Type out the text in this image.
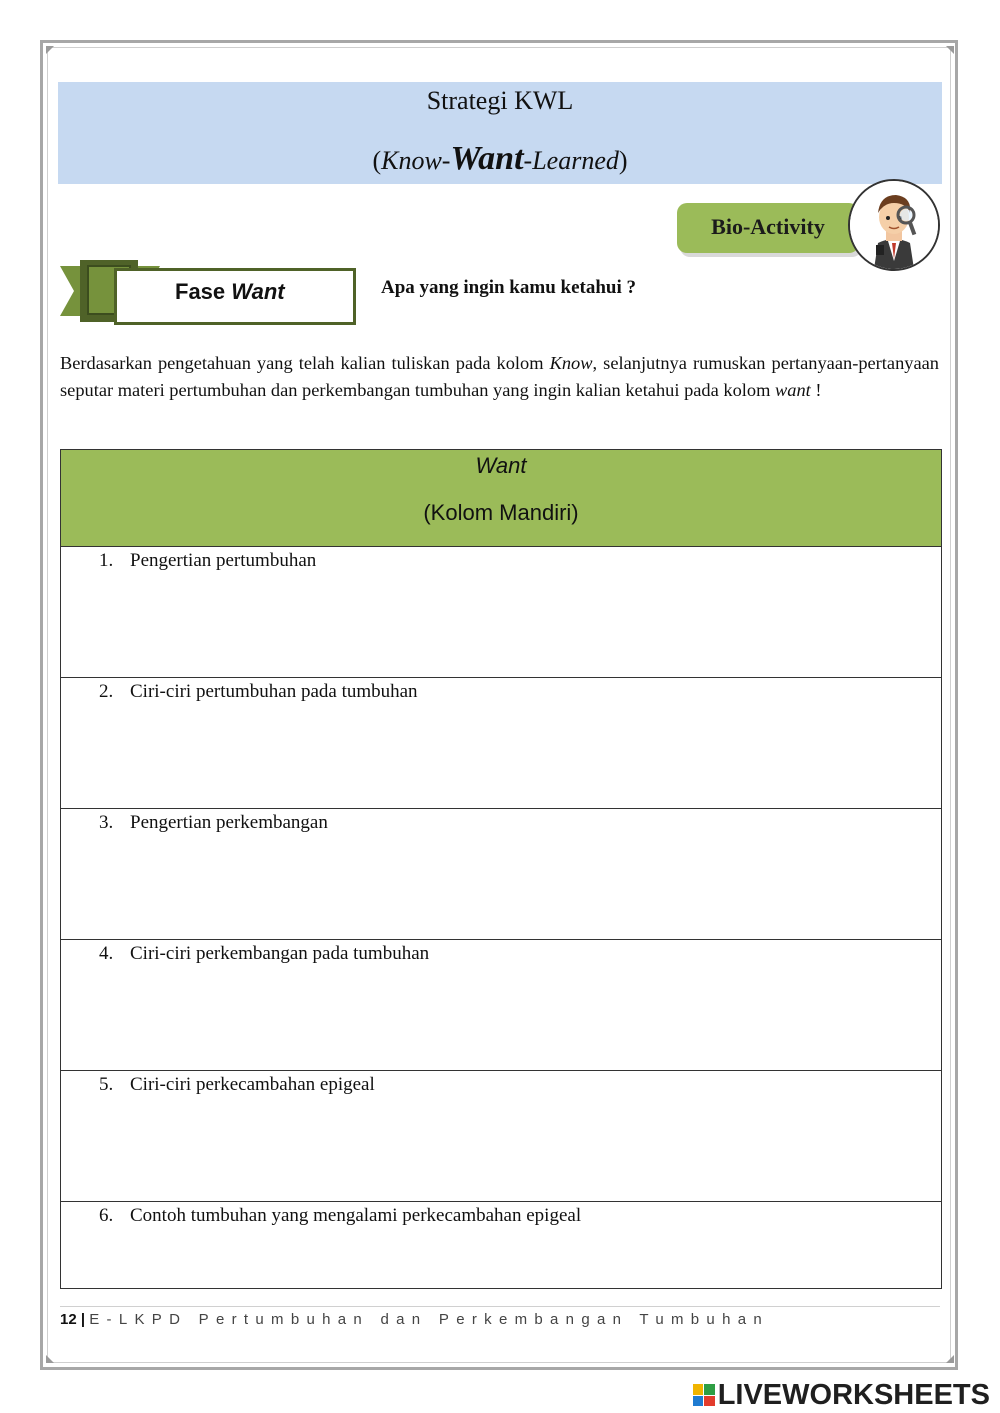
Strategi KWL
(Know-Want-Learned)
Bio-Activity
Fase Want	Apa yang ingin kamu ketahui ?
Berdasarkan pengetahuan yang telah kalian tuliskan pada kolom Know, selanjutnya rumuskan pertanyaan-pertanyaan seputar materi pertumbuhan dan perkembangan tumbuhan yang ingin kalian ketahui pada kolom want !
Want
(Kolom Mandiri)
1. Pengertian pertumbuhan
2. Ciri-ciri pertumbuhan pada tumbuhan
3. Pengertian perkembangan
4. Ciri-ciri perkembangan pada tumbuhan
5. Ciri-ciri perkecambahan epigeal
6. Contoh tumbuhan yang mengalami perkecambahan epigeal
12 | E-LKPD Pertumbuhan dan Perkembangan Tumbuhan
LIVEWORKSHEETS
